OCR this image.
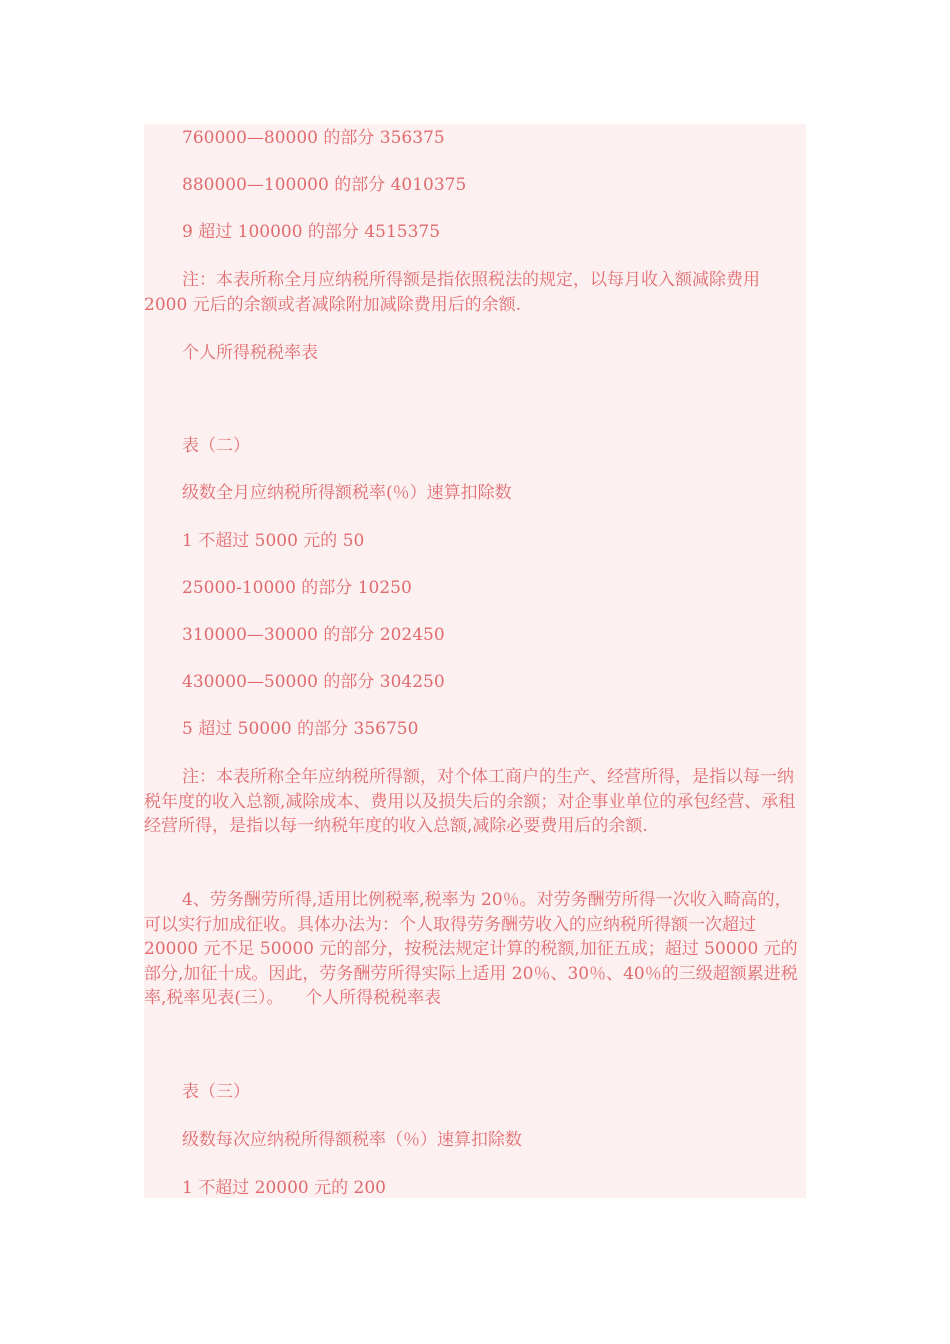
760000—80000 的部分 356375
880000—100000 的部分 4010375
9 超过 100000 的部分 4515375
注：本表所称全月应纳税所得额是指依照税法的规定，以每月收入额减除费用    2000 元后的余额或者减除附加减除费用后的余额.
个人所得税税率表
表（二）
级数全月应纳税所得额税率(％）速算扣除数
1 不超过 5000 元的 50
25000-10000 的部分 10250
310000—30000 的部分 202450
430000—50000 的部分 304250
5 超过 50000 的部分 356750
注：本表所称全年应纳税所得额，对个体工商户的生产、经营所得，是指以每一纳税年度的收入总额,减除成本、费用以及损失后的余额；对企事业单位的承包经营、承租经营所得，是指以每一纳税年度的收入总额,减除必要费用后的余额.
4、劳务酬劳所得,适用比例税率,税率为 20％。对劳务酬劳所得一次收入畸高的，可以实行加成征收。具体办法为：个人取得劳务酬劳收入的应纳税所得额一次超过 20000 元不足 50000 元的部分，按税法规定计算的税额,加征五成；超过 50000 元的部分,加征十成。因此，劳务酬劳所得实际上适用 20％、30％、40％的三级超额累进税率,税率见表(三）。    个人所得税税率表
表（三）
级数每次应纳税所得额税率（％）速算扣除数
1 不超过 20000 元的 200
